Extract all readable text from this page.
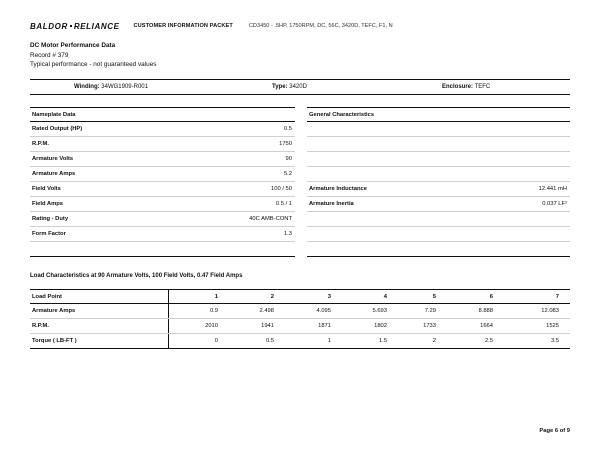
BALDOR RELIANCE	CUSTOMER INFORMATION PACKET	CD3450 - .5HP, 1750RPM, DC, 56C, 3420D, TEFC, F1, N
DC Motor Performance Data
Record # 379
Typical performance - not guaranteed values
Winding: 34WG1909-R001	Type: 3420D	Enclosure: TEFC
Nameplate Data
Rated Output (HP)	0.5
R.P.M.	1750
Armature Volts	90
Armature Amps	5.2
Field Volts	100 / 50
Field Amps	0.5 / 1
Rating - Duty	40C AMB-CONT
Form Factor	1.3
General Characteristics
Armature Inductance	12.441 mH
Armature Inertia	0.037 LF²
Load Characteristics at 90 Armature Volts, 100 Field Volts, 0.47 Field Amps
Load Point	1	2	3	4	5	6	7
Armature Amps	0.9	2.498	4.095	5.693	7.29	8.888	12.083
R.P.M.	2010	1941	1871	1802	1733	1664	1525
Torque ( LB-FT )	0	0.5	1	1.5	2	2.5	3.5
Page 6 of 9
